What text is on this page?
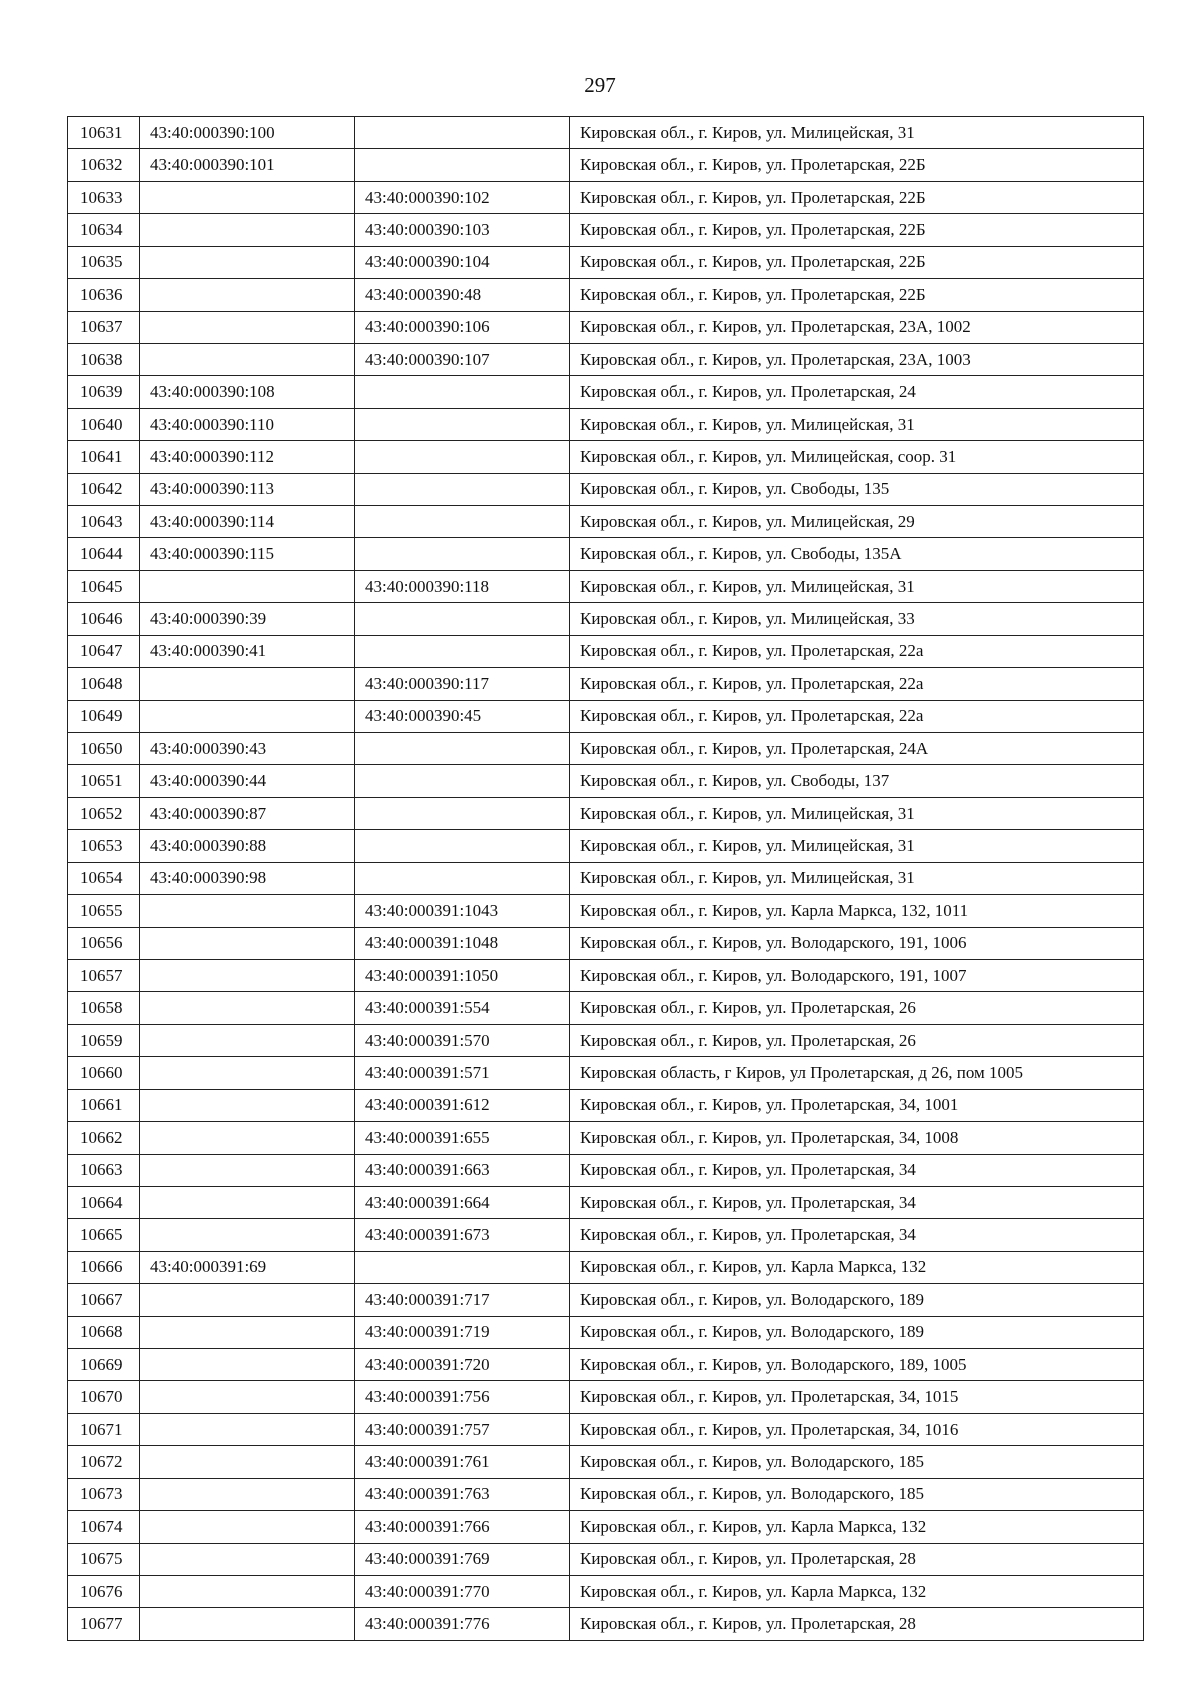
297
10631	43:40:000390:100		Кировская обл., г. Киров, ул. Милицейская, 31
10632	43:40:000390:101		Кировская обл., г. Киров, ул. Пролетарская, 22Б
10633		43:40:000390:102	Кировская обл., г. Киров, ул. Пролетарская, 22Б
10634		43:40:000390:103	Кировская обл., г. Киров, ул. Пролетарская, 22Б
10635		43:40:000390:104	Кировская обл., г. Киров, ул. Пролетарская, 22Б
10636		43:40:000390:48	Кировская обл., г. Киров, ул. Пролетарская, 22Б
10637		43:40:000390:106	Кировская обл., г. Киров, ул. Пролетарская, 23А, 1002
10638		43:40:000390:107	Кировская обл., г. Киров, ул. Пролетарская, 23А, 1003
10639	43:40:000390:108		Кировская обл., г. Киров, ул. Пролетарская, 24
10640	43:40:000390:110		Кировская обл., г. Киров, ул. Милицейская, 31
10641	43:40:000390:112		Кировская обл., г. Киров, ул. Милицейская, соор. 31
10642	43:40:000390:113		Кировская обл., г. Киров, ул. Свободы, 135
10643	43:40:000390:114		Кировская обл., г. Киров, ул. Милицейская, 29
10644	43:40:000390:115		Кировская обл., г. Киров, ул. Свободы, 135А
10645		43:40:000390:118	Кировская обл., г. Киров, ул. Милицейская, 31
10646	43:40:000390:39		Кировская обл., г. Киров, ул. Милицейская, 33
10647	43:40:000390:41		Кировская обл., г. Киров, ул. Пролетарская, 22а
10648		43:40:000390:117	Кировская обл., г. Киров, ул. Пролетарская, 22а
10649		43:40:000390:45	Кировская обл., г. Киров, ул. Пролетарская, 22а
10650	43:40:000390:43		Кировская обл., г. Киров, ул. Пролетарская, 24А
10651	43:40:000390:44		Кировская обл., г. Киров, ул. Свободы, 137
10652	43:40:000390:87		Кировская обл., г. Киров, ул. Милицейская, 31
10653	43:40:000390:88		Кировская обл., г. Киров, ул. Милицейская, 31
10654	43:40:000390:98		Кировская обл., г. Киров, ул. Милицейская, 31
10655		43:40:000391:1043	Кировская обл., г. Киров, ул. Карла Маркса, 132, 1011
10656		43:40:000391:1048	Кировская обл., г. Киров, ул. Володарского, 191, 1006
10657		43:40:000391:1050	Кировская обл., г. Киров, ул. Володарского, 191, 1007
10658		43:40:000391:554	Кировская обл., г. Киров, ул. Пролетарская, 26
10659		43:40:000391:570	Кировская обл., г. Киров, ул. Пролетарская, 26
10660		43:40:000391:571	Кировская область, г Киров, ул Пролетарская, д 26, пом 1005
10661		43:40:000391:612	Кировская обл., г. Киров, ул. Пролетарская, 34, 1001
10662		43:40:000391:655	Кировская обл., г. Киров, ул. Пролетарская, 34, 1008
10663		43:40:000391:663	Кировская обл., г. Киров, ул. Пролетарская, 34
10664		43:40:000391:664	Кировская обл., г. Киров, ул. Пролетарская, 34
10665		43:40:000391:673	Кировская обл., г. Киров, ул. Пролетарская, 34
10666	43:40:000391:69		Кировская обл., г. Киров, ул. Карла Маркса, 132
10667		43:40:000391:717	Кировская обл., г. Киров, ул. Володарского, 189
10668		43:40:000391:719	Кировская обл., г. Киров, ул. Володарского, 189
10669		43:40:000391:720	Кировская обл., г. Киров, ул. Володарского, 189, 1005
10670		43:40:000391:756	Кировская обл., г. Киров, ул. Пролетарская, 34, 1015
10671		43:40:000391:757	Кировская обл., г. Киров, ул. Пролетарская, 34, 1016
10672		43:40:000391:761	Кировская обл., г. Киров, ул. Володарского, 185
10673		43:40:000391:763	Кировская обл., г. Киров, ул. Володарского, 185
10674		43:40:000391:766	Кировская обл., г. Киров, ул. Карла Маркса, 132
10675		43:40:000391:769	Кировская обл., г. Киров, ул. Пролетарская, 28
10676		43:40:000391:770	Кировская обл., г. Киров, ул. Карла Маркса, 132
10677		43:40:000391:776	Кировская обл., г. Киров, ул. Пролетарская, 28
